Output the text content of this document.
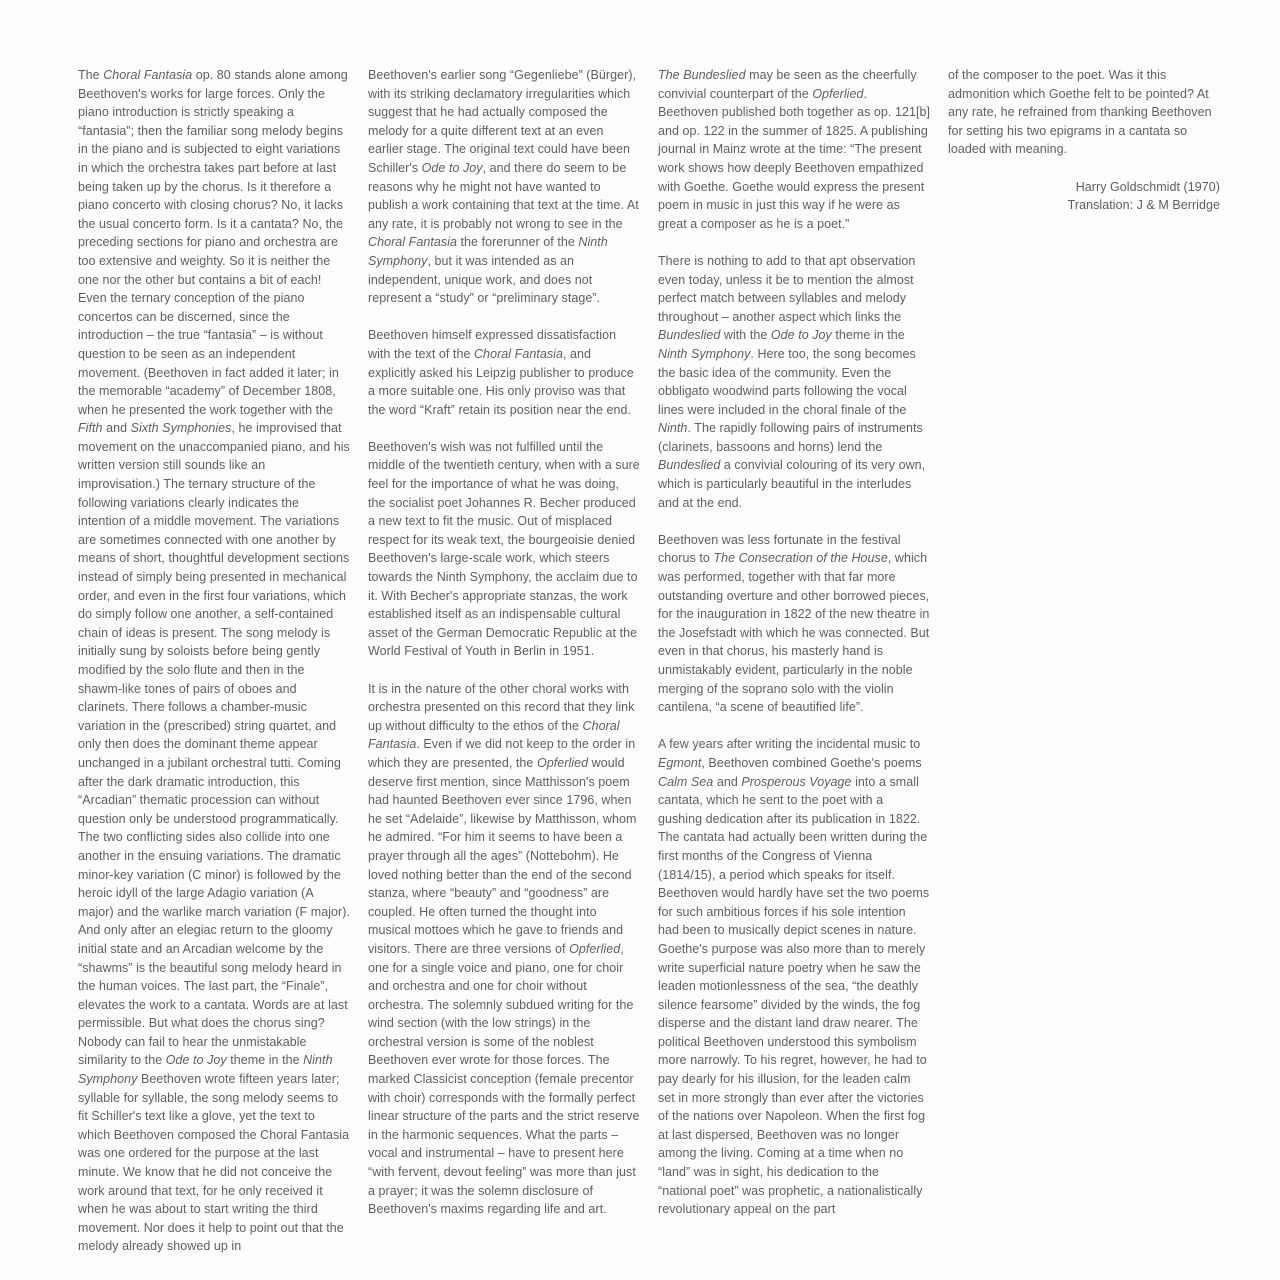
The Choral Fantasia op. 80 stands alone among Beethoven's works for large forces. Only the piano introduction is strictly speaking a “fantasia”; then the familiar song melody begins in the piano and is subjected to eight variations in which the orchestra takes part before at last being taken up by the chorus. Is it therefore a piano concerto with closing chorus? No, it lacks the usual concerto form. Is it a cantata? No, the preceding sections for piano and orchestra are too extensive and weighty. So it is neither the one nor the other but contains a bit of each! Even the ternary conception of the piano concertos can be discerned, since the introduction – the true “fantasia” – is without question to be seen as an independent movement. (Beethoven in fact added it later; in the memorable “academy” of December 1808, when he presented the work together with the Fifth and Sixth Symphonies, he improvised that movement on the unaccompanied piano, and his written version still sounds like an improvisation.) The ternary structure of the following variations clearly indicates the intention of a middle movement. The variations are sometimes connected with one another by means of short, thoughtful development sections instead of simply being presented in mechanical order, and even in the first four variations, which do simply follow one another, a self-contained chain of ideas is present. The song melody is initially sung by soloists before being gently modified by the solo flute and then in the shawm-like tones of pairs of oboes and clarinets. There follows a chamber-music variation in the (prescribed) string quartet, and only then does the dominant theme appear unchanged in a jubilant orchestral tutti. Coming after the dark dramatic introduction, this “Arcadian” thematic procession can without question only be understood programmatically. The two conflicting sides also collide into one another in the ensuing variations. The dramatic minor-key variation (C minor) is followed by the heroic idyll of the large Adagio variation (A major) and the warlike march variation (F major). And only after an elegiac return to the gloomy initial state and an Arcadian welcome by the “shawms” is the beautiful song melody heard in the human voices. The last part, the “Finale”, elevates the work to a cantata. Words are at last permissible. But what does the chorus sing? Nobody can fail to hear the unmistakable similarity to the Ode to Joy theme in the Ninth Symphony Beethoven wrote fifteen years later; syllable for syllable, the song melody seems to fit Schiller's text like a glove, yet the text to which Beethoven composed the Choral Fantasia was one ordered for the purpose at the last minute. We know that he did not conceive the work around that text, for he only received it when he was about to start writing the third movement. Nor does it help to point out that the melody already showed up in

Beethoven's earlier song “Gegenliebe” (Bürger), with its striking declamatory irregularities which suggest that he had actually composed the melody for a quite different text at an even earlier stage. The original text could have been Schiller's Ode to Joy, and there do seem to be reasons why he might not have wanted to publish a work containing that text at the time. At any rate, it is probably not wrong to see in the Choral Fantasia the forerunner of the Ninth Symphony, but it was intended as an independent, unique work, and does not represent a “study” or “preliminary stage”.

Beethoven himself expressed dissatisfaction with the text of the Choral Fantasia, and explicitly asked his Leipzig publisher to produce a more suitable one. His only proviso was that the word “Kraft” retain its position near the end.

Beethoven's wish was not fulfilled until the middle of the twentieth century, when with a sure feel for the importance of what he was doing, the socialist poet Johannes R. Becher produced a new text to fit the music. Out of misplaced respect for its weak text, the bourgeoisie denied Beethoven's large-scale work, which steers towards the Ninth Symphony, the acclaim due to it. With Becher's appropriate stanzas, the work established itself as an indispensable cultural asset of the German Democratic Republic at the World Festival of Youth in Berlin in 1951.

It is in the nature of the other choral works with orchestra presented on this record that they link up without difficulty to the ethos of the Choral Fantasia. Even if we did not keep to the order in which they are presented, the Opferlied would deserve first mention, since Matthisson's poem had haunted Beethoven ever since 1796, when he set “Adelaide”, likewise by Matthisson, whom he admired. “For him it seems to have been a prayer through all the ages” (Nottebohm). He loved nothing better than the end of the second stanza, where “beauty” and “goodness” are coupled. He often turned the thought into musical mottoes which he gave to friends and visitors. There are three versions of Opferlied, one for a single voice and piano, one for choir and orchestra and one for choir without orchestra. The solemnly subdued writing for the wind section (with the low strings) in the orchestral version is some of the noblest Beethoven ever wrote for those forces. The marked Classicist conception (female precentor with choir) corresponds with the formally perfect linear structure of the parts and the strict reserve in the harmonic sequences. What the parts – vocal and instrumental – have to present here “with fervent, devout feeling” was more than just a prayer; it was the solemn disclosure of Beethoven's maxims regarding life and art.

The Bundeslied may be seen as the cheerfully convivial counterpart of the Opferlied. Beethoven published both together as op. 121[b] and op. 122 in the summer of 1825. A publishing journal in Mainz wrote at the time: “The present work shows how deeply Beethoven empathized with Goethe. Goethe would express the present poem in music in just this way if he were as great a composer as he is a poet.”

There is nothing to add to that apt observation even today, unless it be to mention the almost perfect match between syllables and melody throughout – another aspect which links the Bundeslied with the Ode to Joy theme in the Ninth Symphony. Here too, the song becomes the basic idea of the community. Even the obbligato woodwind parts following the vocal lines were included in the choral finale of the Ninth. The rapidly following pairs of instruments (clarinets, bassoons and horns) lend the Bundeslied a convivial colouring of its very own, which is particularly beautiful in the interludes and at the end.

Beethoven was less fortunate in the festival chorus to The Consecration of the House, which was performed, together with that far more outstanding overture and other borrowed pieces, for the inauguration in 1822 of the new theatre in the Josefstadt with which he was connected. But even in that chorus, his masterly hand is unmistakably evident, particularly in the noble merging of the soprano solo with the violin cantilena, “a scene of beautified life”.

A few years after writing the incidental music to Egmont, Beethoven combined Goethe's poems Calm Sea and Prosperous Voyage into a small cantata, which he sent to the poet with a gushing dedication after its publication in 1822. The cantata had actually been written during the first months of the Congress of Vienna (1814/15), a period which speaks for itself. Beethoven would hardly have set the two poems for such ambitious forces if his sole intention had been to musically depict scenes in nature. Goethe's purpose was also more than to merely write superficial nature poetry when he saw the leaden motionlessness of the sea, “the deathly silence fearsome” divided by the winds, the fog disperse and the distant land draw nearer. The political Beethoven understood this symbolism more narrowly. To his regret, however, he had to pay dearly for his illusion, for the leaden calm set in more strongly than ever after the victories of the nations over Napoleon. When the first fog at last dispersed, Beethoven was no longer among the living. Coming at a time when no “land” was in sight, his dedication to the “national poet” was prophetic, a nationalistically revolutionary appeal on the part

of the composer to the poet. Was it this admonition which Goethe felt to be pointed? At any rate, he refrained from thanking Beethoven for setting his two epigrams in a cantata so loaded with meaning.

Harry Goldschmidt (1970)
Translation: J & M Berridge
